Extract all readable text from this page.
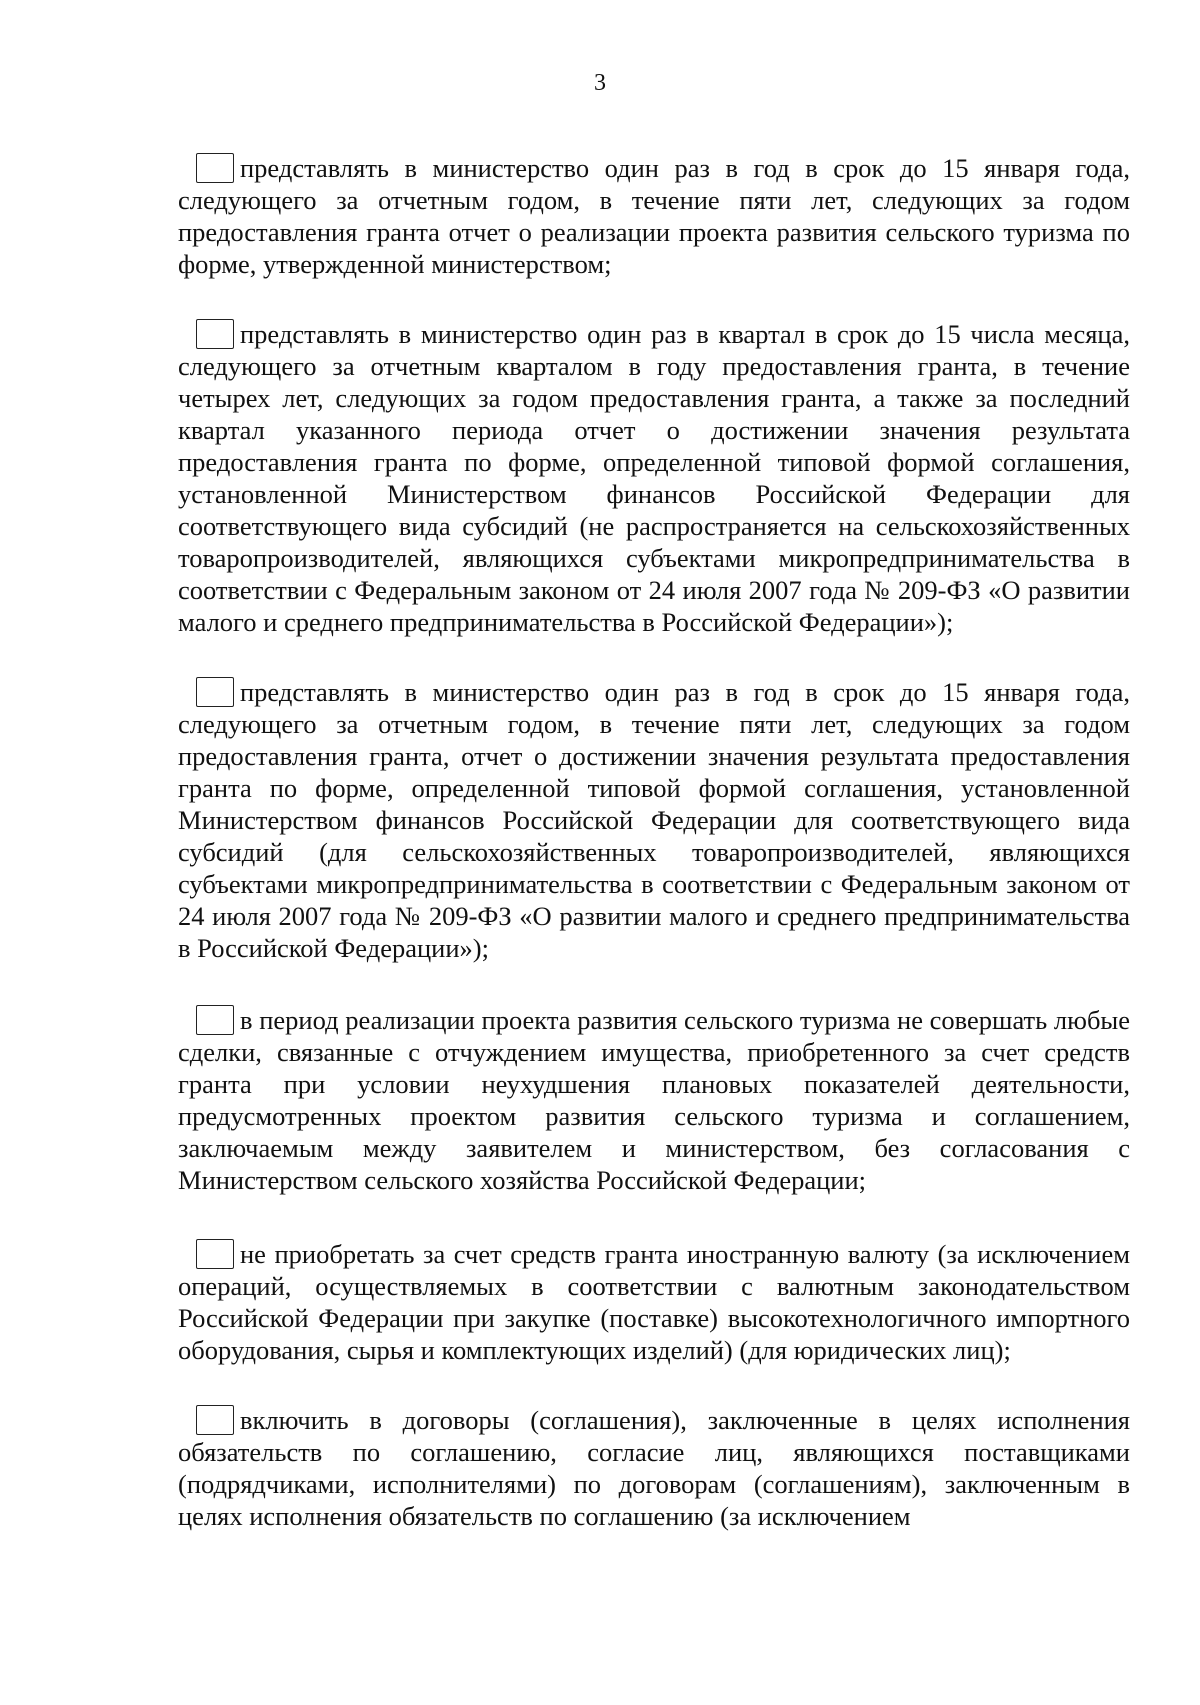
3

представлять в министерство один раз в год в срок до 15 января года, следующего за отчетным годом, в течение пяти лет, следующих за годом предоставления гранта отчет о реализации проекта развития сельского туризма по форме, утвержденной министерством;

представлять в министерство один раз в квартал в срок до 15 числа месяца, следующего за отчетным кварталом в году предоставления гранта, в течение четырех лет, следующих за годом предоставления гранта, а также за последний квартал указанного периода отчет о достижении значения результата предоставления гранта по форме, определенной типовой формой соглашения, установленной Министерством финансов Российской Федерации для соответствующего вида субсидий (не распространяется на сельскохозяйственных товаропроизводителей, являющихся субъектами микропредпринимательства в соответствии с Федеральным законом от 24 июля 2007 года № 209-ФЗ «О развитии малого и среднего предпринимательства в Российской Федерации»);

представлять в министерство один раз в год в срок до 15 января года, следующего за отчетным годом, в течение пяти лет, следующих за годом предоставления гранта, отчет о достижении значения результата предоставления гранта по форме, определенной типовой формой соглашения, установленной Министерством финансов Российской Федерации для соответствующего вида субсидий (для сельскохозяйственных товаропроизводителей, являющихся субъектами микропредпринимательства в соответствии с Федеральным законом от 24 июля 2007 года № 209-ФЗ «О развитии малого и среднего предпринимательства в Российской Федерации»);

в период реализации проекта развития сельского туризма не совершать любые сделки, связанные с отчуждением имущества, приобретенного за счет средств гранта при условии неухудшения плановых показателей деятельности, предусмотренных проектом развития сельского туризма и соглашением, заключаемым между заявителем и министерством, без согласования с Министерством сельского хозяйства Российской Федерации;

не приобретать за счет средств гранта иностранную валюту (за исключением операций, осуществляемых в соответствии с валютным законодательством Российской Федерации при закупке (поставке) высокотехнологичного импортного оборудования, сырья и комплектующих изделий) (для юридических лиц);

включить в договоры (соглашения), заключенные в целях исполнения обязательств по соглашению, согласие лиц, являющихся поставщиками (подрядчиками, исполнителями) по договорам (соглашениям), заключенным в целях исполнения обязательств по соглашению (за исключением
